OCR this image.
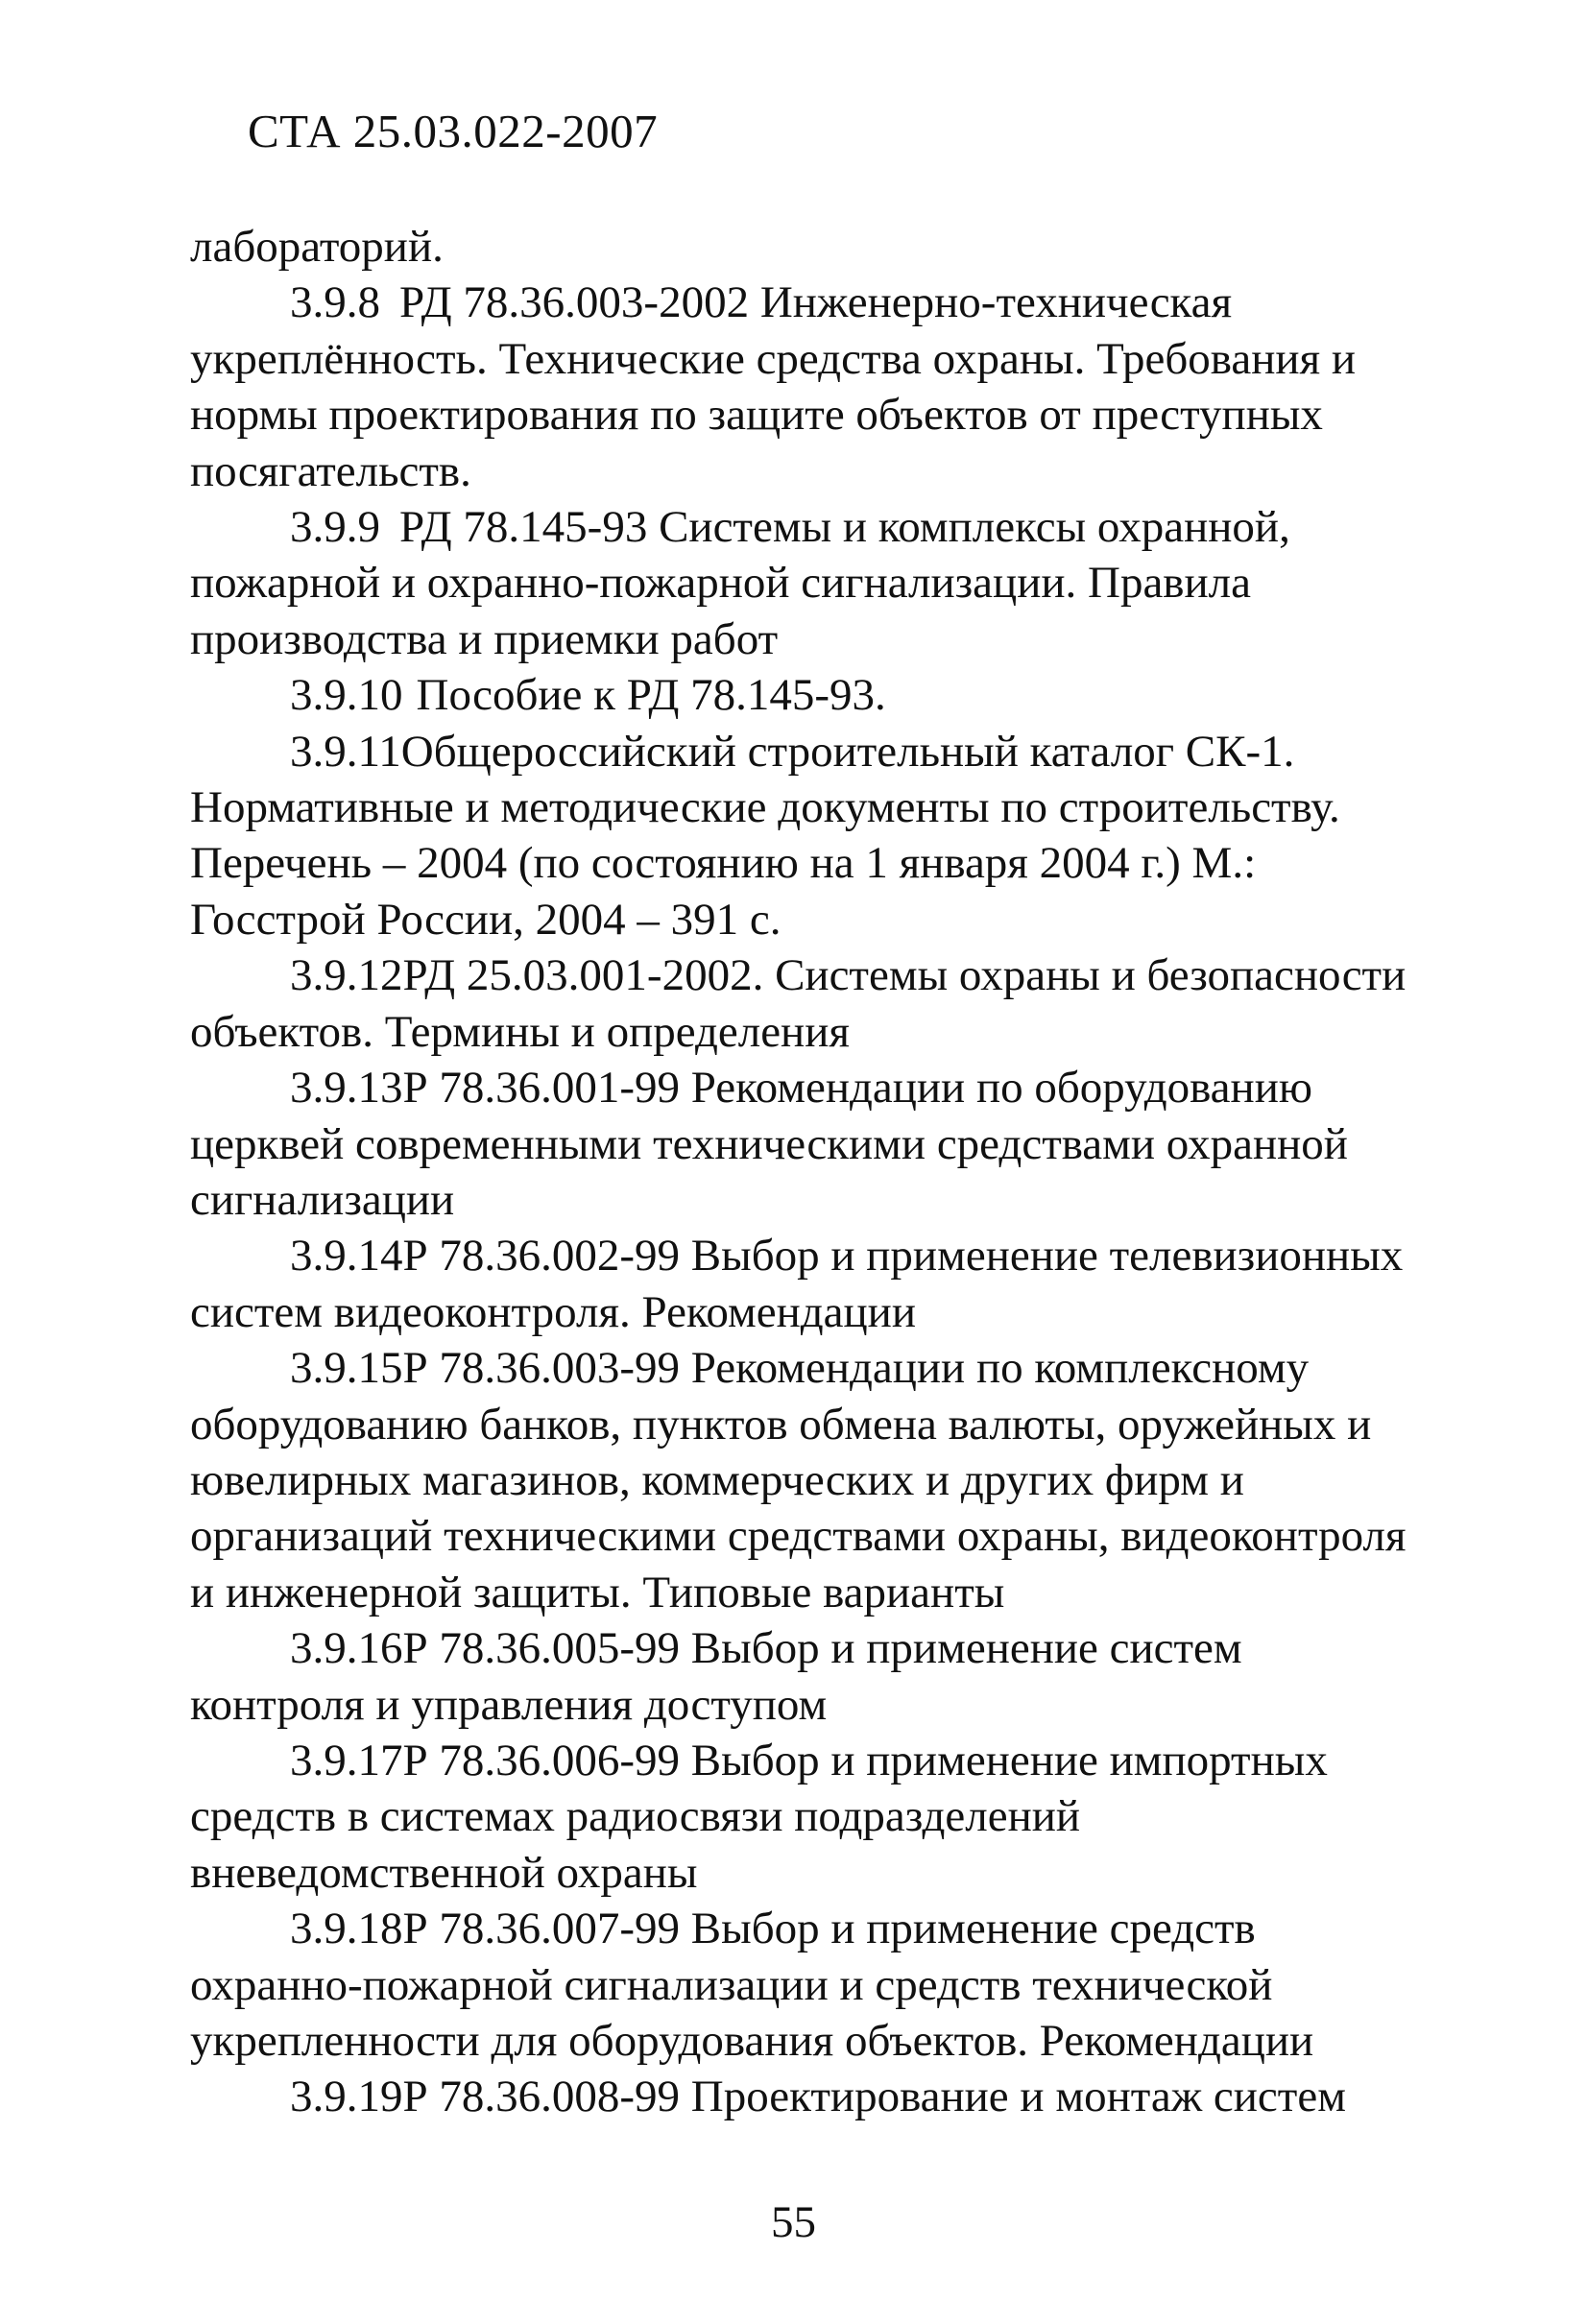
СТА 25.03.022-2007

лабораторий.

3.9.8 РД 78.36.003-2002 Инженерно-техническая укреплённость. Технические средства охраны. Требования и нормы проектирования по защите объектов от преступных посягательств.

3.9.9 РД 78.145-93 Системы и комплексы охранной, пожарной и охранно-пожарной сигнализации. Правила производства и приемки работ

3.9.10 Пособие к РД 78.145-93.

3.9.11Общероссийский строительный каталог СК-1. Нормативные и методические документы по строительству. Перечень – 2004 (по состоянию на 1 января 2004 г.) М.: Госстрой России, 2004 – 391 с.

3.9.12РД 25.03.001-2002. Системы охраны и безопасности объектов. Термины и определения

3.9.13Р 78.36.001-99 Рекомендации по оборудованию церквей современными техническими средствами охранной сигнализации

3.9.14Р 78.36.002-99 Выбор и применение телевизионных систем видеоконтроля. Рекомендации

3.9.15Р 78.36.003-99 Рекомендации по комплексному оборудованию банков, пунктов обмена валюты, оружейных и ювелирных магазинов, коммерческих и других фирм и организаций техническими средствами охраны, видеоконтроля и инженерной защиты. Типовые варианты

3.9.16Р 78.36.005-99 Выбор и применение систем контроля и управления доступом

3.9.17Р 78.36.006-99 Выбор и применение импортных средств в системах радиосвязи подразделений вневедомственной охраны

3.9.18Р 78.36.007-99 Выбор и применение средств охранно-пожарной сигнализации и средств технической укрепленности для оборудования объектов. Рекомендации

3.9.19Р 78.36.008-99 Проектирование и монтаж систем

55
